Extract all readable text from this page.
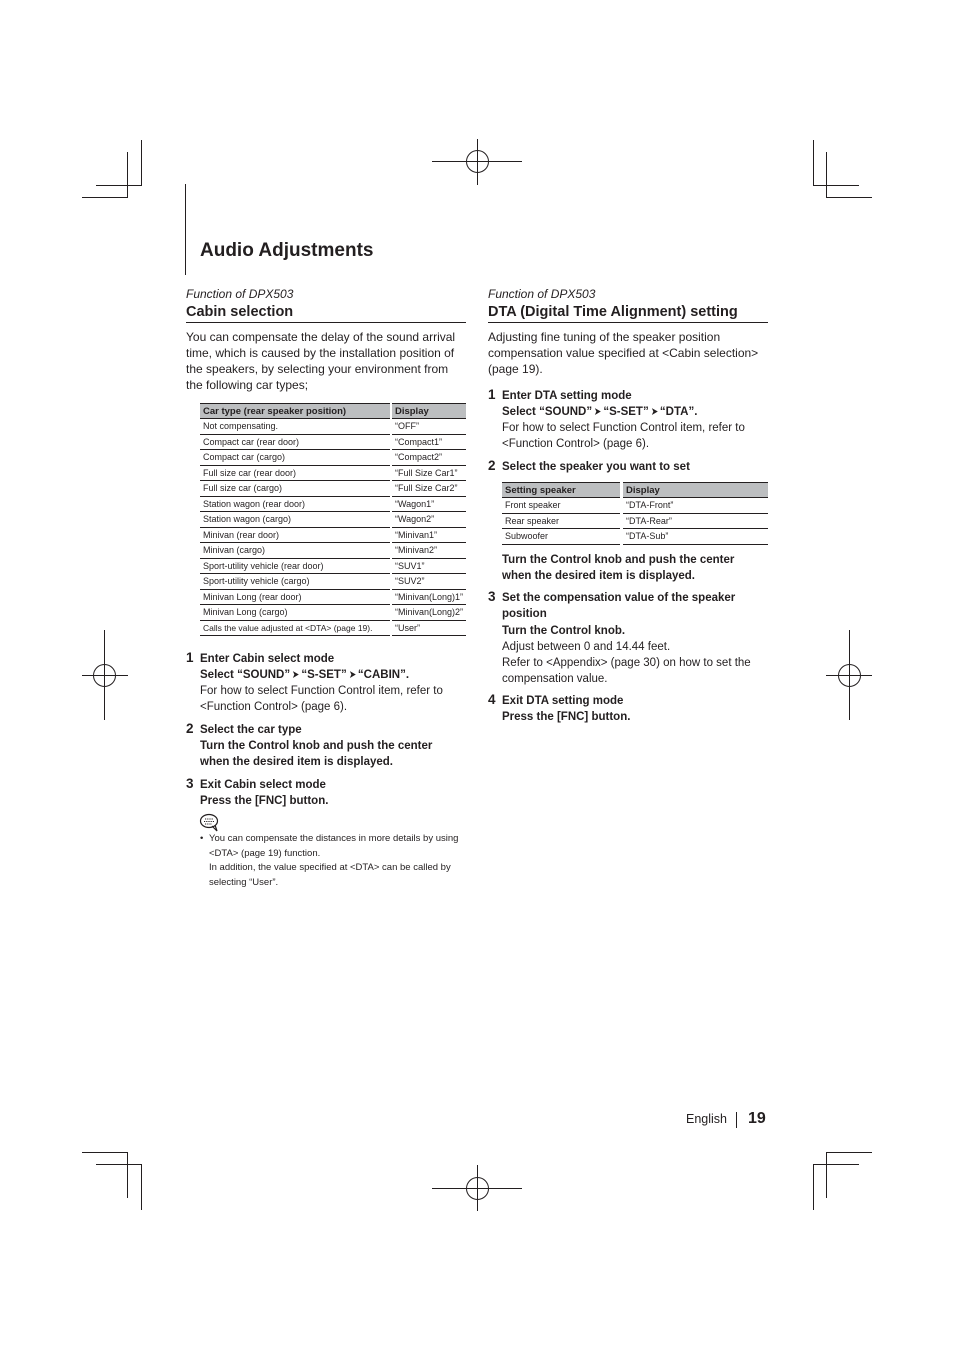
Audio Adjustments
Function of DPX503
Cabin selection
You can compensate the delay of the sound arrival time, which is caused by the installation position of the speakers, by selecting your environment from the following car types;
Car type (rear speaker position)		Display
Not compensating.		“OFF”
Compact car (rear door)		“Compact1”
Compact car (cargo)		“Compact2”
Full size car (rear door)		“Full Size Car1”
Full size car (cargo)		“Full Size Car2”
Station wagon (rear door)		“Wagon1”
Station wagon (cargo)		“Wagon2”
Minivan (rear door)		“Minivan1”
Minivan (cargo)		“Minivan2”
Sport-utility vehicle (rear door)		“SUV1”
Sport-utility vehicle (cargo)		“SUV2”
Minivan Long (rear door)		“Minivan(Long)1”
Minivan Long (cargo)		“Minivan(Long)2”
Calls the value adjusted at <DTA> (page 19).		“User”
1 Enter Cabin select mode
Select “SOUND” ➤ “S-SET” ➤ “CABIN”.
For how to select Function Control item, refer to <Function Control> (page 6).
2 Select the car type
Turn the Control knob and push the center when the desired item is displayed.
3 Exit Cabin select mode
Press the [FNC] button.
• You can compensate the distances in more details by using <DTA> (page 19) function.
In addition, the value specified at <DTA> can be called by selecting “User”.
Function of DPX503
DTA (Digital Time Alignment) setting
Adjusting fine tuning of the speaker position compensation value specified at <Cabin selection> (page 19).
1 Enter DTA setting mode
Select “SOUND” ➤ “S-SET” ➤ “DTA”.
For how to select Function Control item, refer to <Function Control> (page 6).
2 Select the speaker you want to set
Setting speaker		Display
Front speaker		“DTA-Front”
Rear speaker		“DTA-Rear”
Subwoofer		“DTA-Sub”
Turn the Control knob and push the center when the desired item is displayed.
3 Set the compensation value of the speaker position
Turn the Control knob.
Adjust between 0 and 14.44 feet.
Refer to <Appendix> (page 30) on how to set the compensation value.
4 Exit DTA setting mode
Press the [FNC] button.
English 19
